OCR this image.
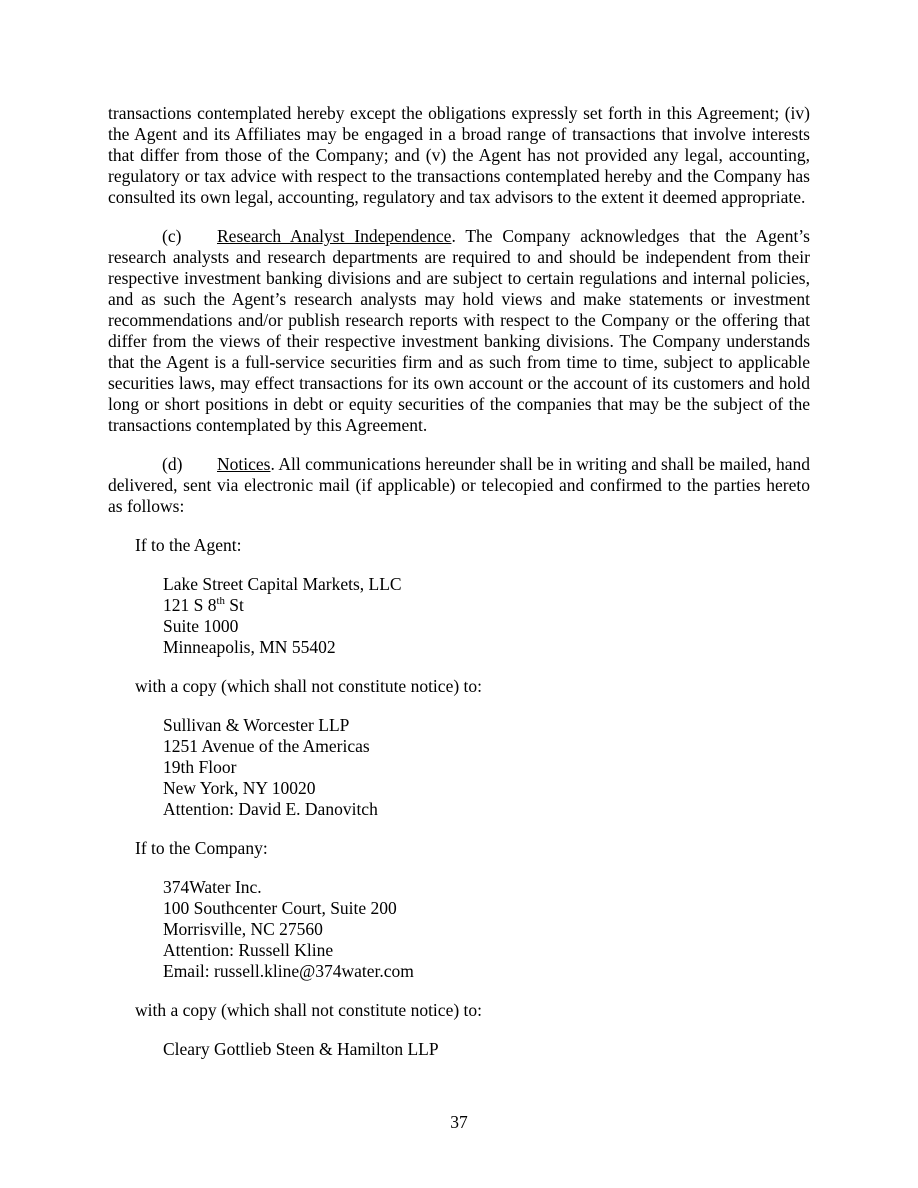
transactions contemplated hereby except the obligations expressly set forth in this Agreement; (iv) the Agent and its Affiliates may be engaged in a broad range of transactions that involve interests that differ from those of the Company; and (v) the Agent has not provided any legal, accounting, regulatory or tax advice with respect to the transactions contemplated hereby and the Company has consulted its own legal, accounting, regulatory and tax advisors to the extent it deemed appropriate.

(c) Research Analyst Independence. The Company acknowledges that the Agent’s research analysts and research departments are required to and should be independent from their respective investment banking divisions and are subject to certain regulations and internal policies, and as such the Agent’s research analysts may hold views and make statements or investment recommendations and/or publish research reports with respect to the Company or the offering that differ from the views of their respective investment banking divisions. The Company understands that the Agent is a full-service securities firm and as such from time to time, subject to applicable securities laws, may effect transactions for its own account or the account of its customers and hold long or short positions in debt or equity securities of the companies that may be the subject of the transactions contemplated by this Agreement.

(d) Notices. All communications hereunder shall be in writing and shall be mailed, hand delivered, sent via electronic mail (if applicable) or telecopied and confirmed to the parties hereto as follows:

If to the Agent:
Lake Street Capital Markets, LLC
121 S 8th St
Suite 1000
Minneapolis, MN 55402
with a copy (which shall not constitute notice) to:
Sullivan & Worcester LLP
1251 Avenue of the Americas
19th Floor
New York, NY 10020
Attention: David E. Danovitch
If to the Company:
374Water Inc.
100 Southcenter Court, Suite 200
Morrisville, NC 27560
Attention: Russell Kline
Email: russell.kline@374water.com
with a copy (which shall not constitute notice) to:
Cleary Gottlieb Steen & Hamilton LLP
37
